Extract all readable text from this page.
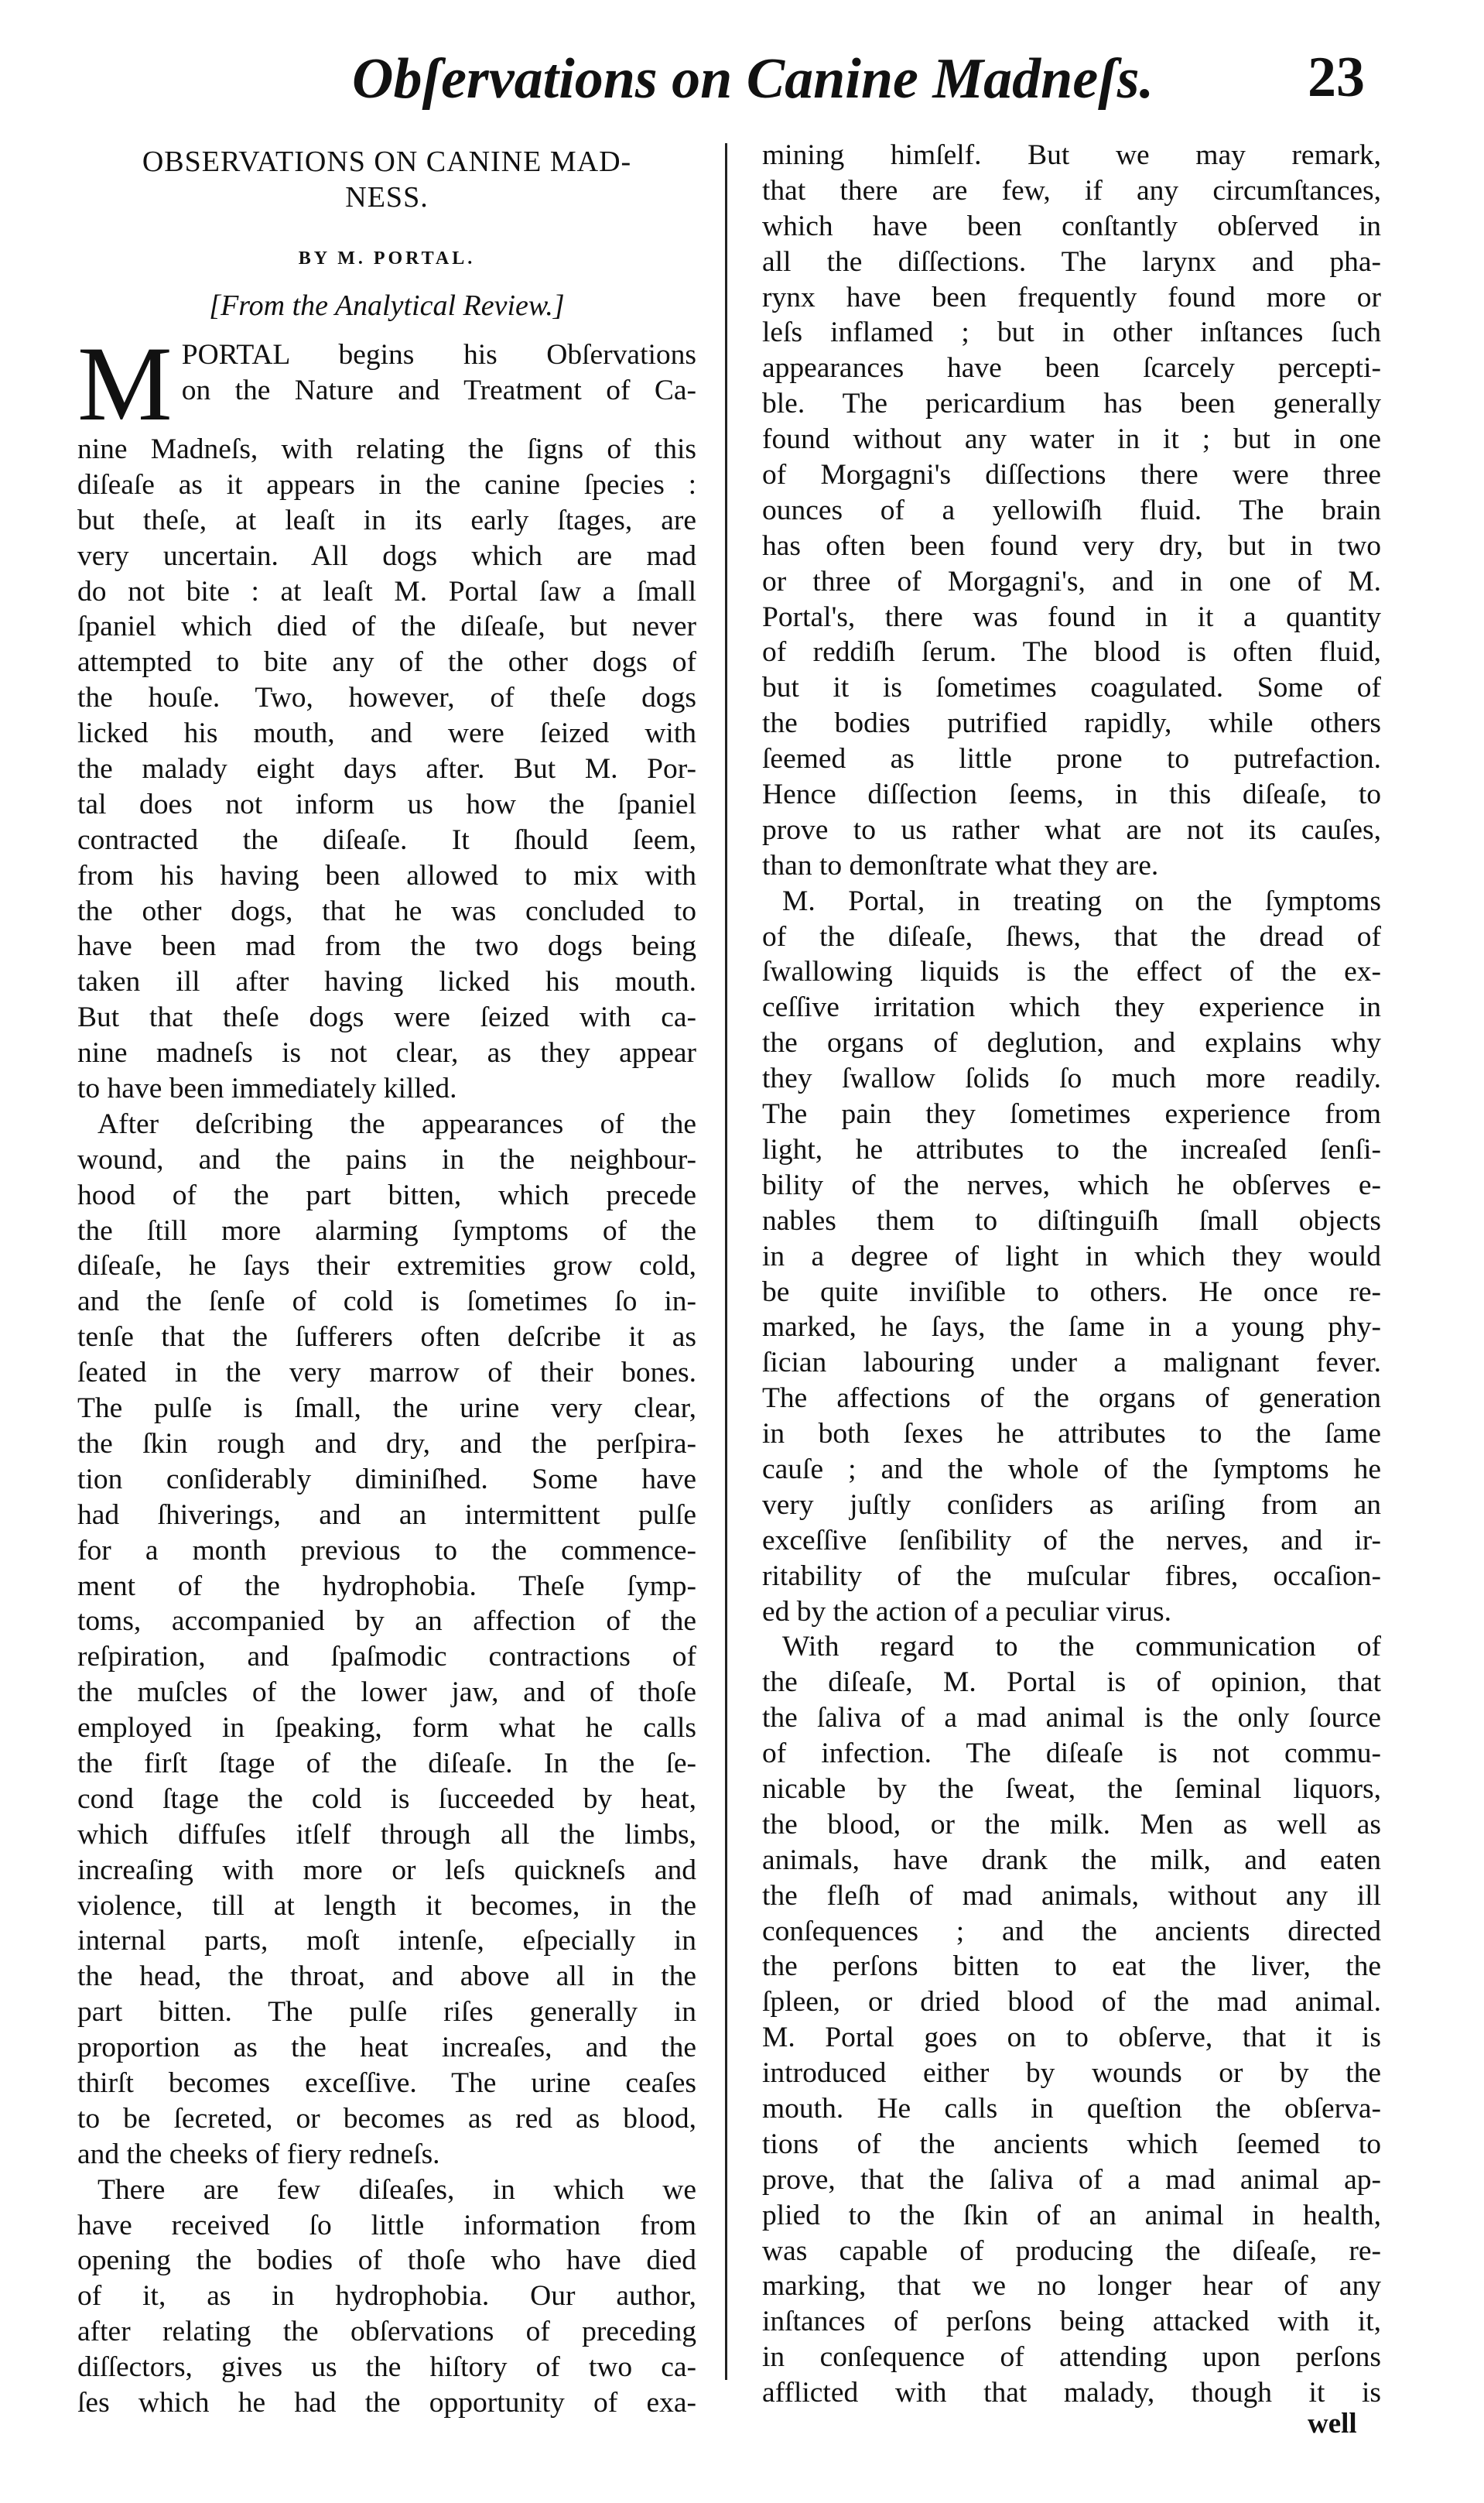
Obſervations on Canine Madneſs.	23
OBSERVATIONS ON CANINE MAD-
NESS.
BY M. PORTAL.
[From the Analytical Review.]
M PORTAL begins his Obſervations
on the Nature and Treatment of Ca-
nine Madneſs, with relating the ſigns of this
diſeaſe as it appears in the canine ſpecies :
but theſe, at leaſt in its early ſtages, are
very uncertain. All dogs which are mad
do not bite : at leaſt M. Portal ſaw a ſmall
ſpaniel which died of the diſeaſe, but never
attempted to bite any of the other dogs of
the houſe. Two, however, of theſe dogs
licked his mouth, and were ſeized with
the malady eight days after. But M. Por-
tal does not inform us how the ſpaniel
contracted the diſeaſe. It ſhould ſeem,
from his having been allowed to mix with
the other dogs, that he was concluded to
have been mad from the two dogs being
taken ill after having licked his mouth.
But that theſe dogs were ſeized with ca-
nine madneſs is not clear, as they appear
to have been immediately killed.
After deſcribing the appearances of the
wound, and the pains in the neighbour-
hood of the part bitten, which precede
the ſtill more alarming ſymptoms of the
diſeaſe, he ſays their extremities grow cold,
and the ſenſe of cold is ſometimes ſo in-
tenſe that the ſufferers often deſcribe it as
ſeated in the very marrow of their bones.
The pulſe is ſmall, the urine very clear,
the ſkin rough and dry, and the perſpira-
tion conſiderably diminiſhed. Some have
had ſhiverings, and an intermittent pulſe
for a month previous to the commence-
ment of the hydrophobia. Theſe ſymp-
toms, accompanied by an affection of the
reſpiration, and ſpaſmodic contractions of
the muſcles of the lower jaw, and of thoſe
employed in ſpeaking, form what he calls
the firſt ſtage of the diſeaſe. In the ſe-
cond ſtage the cold is ſucceeded by heat,
which diffuſes itſelf through all the limbs,
increaſing with more or leſs quickneſs and
violence, till at length it becomes, in the
internal parts, moſt intenſe, eſpecially in
the head, the throat, and above all in the
part bitten. The pulſe riſes generally in
proportion as the heat increaſes, and the
thirſt becomes exceſſive. The urine ceaſes
to be ſecreted, or becomes as red as blood,
and the cheeks of fiery redneſs.
There are few diſeaſes, in which we
have received ſo little information from
opening the bodies of thoſe who have died
of it, as in hydrophobia. Our author,
after relating the obſervations of preceding
diſſectors, gives us the hiſtory of two ca-
ſes which he had the opportunity of exa-
mining himſelf. But we may remark,
that there are few, if any circumſtances,
which have been conſtantly obſerved in
all the diſſections. The larynx and pha-
rynx have been frequently found more or
leſs inflamed ; but in other inſtances ſuch
appearances have been ſcarcely percepti-
ble. The pericardium has been generally
found without any water in it ; but in one
of Morgagni's diſſections there were three
ounces of a yellowiſh fluid. The brain
has often been found very dry, but in two
or three of Morgagni's, and in one of M.
Portal's, there was found in it a quantity
of reddiſh ſerum. The blood is often fluid,
but it is ſometimes coagulated. Some of
the bodies putrified rapidly, while others
ſeemed as little prone to putrefaction.
Hence diſſection ſeems, in this diſeaſe, to
prove to us rather what are not its cauſes,
than to demonſtrate what they are.
M. Portal, in treating on the ſymptoms
of the diſeaſe, ſhews, that the dread of
ſwallowing liquids is the effect of the ex-
ceſſive irritation which they experience in
the organs of deglution, and explains why
they ſwallow ſolids ſo much more readily.
The pain they ſometimes experience from
light, he attributes to the increaſed ſenſi-
bility of the nerves, which he obſerves e-
nables them to diſtinguiſh ſmall objects
in a degree of light in which they would
be quite inviſible to others. He once re-
marked, he ſays, the ſame in a young phy-
ſician labouring under a malignant fever.
The affections of the organs of generation
in both ſexes he attributes to the ſame
cauſe ; and the whole of the ſymptoms he
very juſtly conſiders as ariſing from an
exceſſive ſenſibility of the nerves, and ir-
ritability of the muſcular fibres, occaſion-
ed by the action of a peculiar virus.
With regard to the communication of
the diſeaſe, M. Portal is of opinion, that
the ſaliva of a mad animal is the only ſource
of infection. The diſeaſe is not commu-
nicable by the ſweat, the ſeminal liquors,
the blood, or the milk. Men as well as
animals, have drank the milk, and eaten
the fleſh of mad animals, without any ill
conſequences ; and the ancients directed
the perſons bitten to eat the liver, the
ſpleen, or dried blood of the mad animal.
M. Portal goes on to obſerve, that it is
introduced either by wounds or by the
mouth. He calls in queſtion the obſerva-
tions of the ancients which ſeemed to
prove, that the ſaliva of a mad animal ap-
plied to the ſkin of an animal in health,
was capable of producing the diſeaſe, re-
marking, that we no longer hear of any
inſtances of perſons being attacked with it,
in conſequence of attending upon perſons
afflicted with that malady, though it is
well
